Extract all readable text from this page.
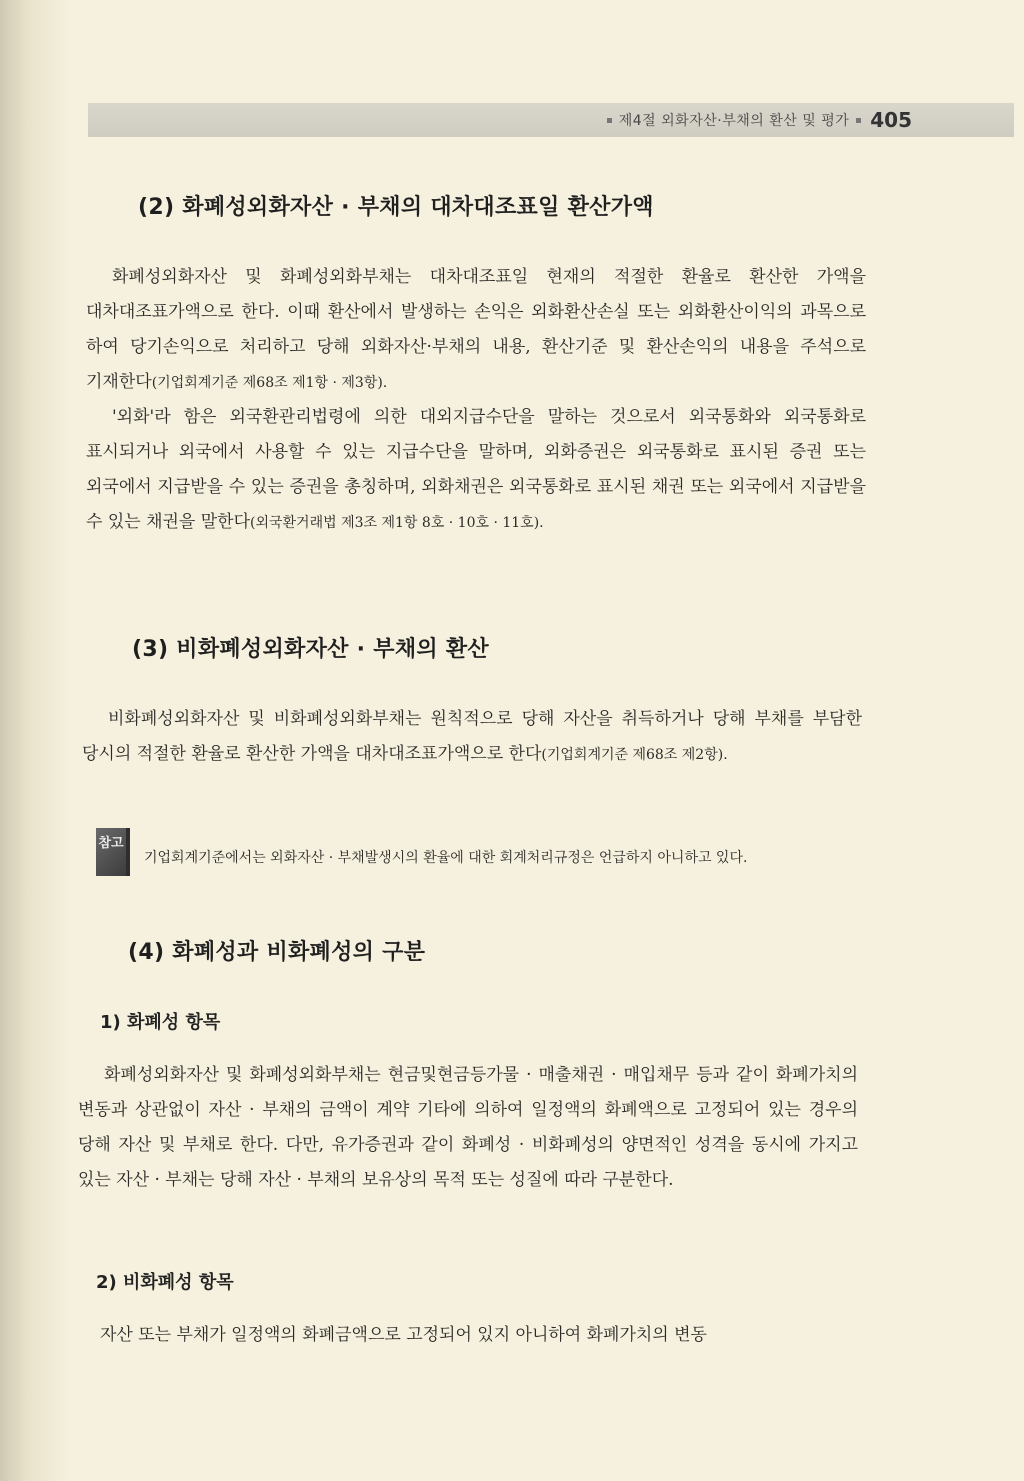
제4절 외화자산·부채의 환산 및 평가 405
(2) 화폐성외화자산 · 부채의 대차대조표일 환산가액

화폐성외화자산 및 화폐성외화부채는 대차대조표일 현재의 적절한 환율로 환산한 가액을 대차대조표가액으로 한다. 이때 환산에서 발생하는 손익은 외화환산손실 또는 외화환산이익의 과목으로 하여 당기손익으로 처리하고 당해 외화자산·부채의 내용, 환산기준 및 환산손익의 내용을 주석으로 기재한다(기업회계기준 제68조 제1항 · 제3항).

'외화'라 함은 외국환관리법령에 의한 대외지급수단을 말하는 것으로서 외국통화와 외국통화로 표시되거나 외국에서 사용할 수 있는 지급수단을 말하며, 외화증권은 외국통화로 표시된 증권 또는 외국에서 지급받을 수 있는 증권을 총칭하며, 외화채권은 외국통화로 표시된 채권 또는 외국에서 지급받을 수 있는 채권을 말한다(외국환거래법 제3조 제1항 8호 · 10호 · 11호).

(3) 비화폐성외화자산 · 부채의 환산

비화폐성외화자산 및 비화폐성외화부채는 원칙적으로 당해 자산을 취득하거나 당해 부채를 부담한 당시의 적절한 환율로 환산한 가액을 대차대조표가액으로 한다(기업회계기준 제68조 제2항).

참고
기업회계기준에서는 외화자산 · 부채발생시의 환율에 대한 회계처리규정은 언급하지 아니하고 있다.
(4) 화폐성과 비화폐성의 구분
1) 화폐성 항목

화폐성외화자산 및 화폐성외화부채는 현금및현금등가물 · 매출채권 · 매입채무 등과 같이 화폐가치의 변동과 상관없이 자산 · 부채의 금액이 계약 기타에 의하여 일정액의 화폐액으로 고정되어 있는 경우의 당해 자산 및 부채로 한다. 다만, 유가증권과 같이 화폐성 · 비화폐성의 양면적인 성격을 동시에 가지고 있는 자산 · 부채는 당해 자산 · 부채의 보유상의 목적 또는 성질에 따라 구분한다.

2) 비화폐성 항목

자산 또는 부채가 일정액의 화폐금액으로 고정되어 있지 아니하여 화폐가치의 변동
